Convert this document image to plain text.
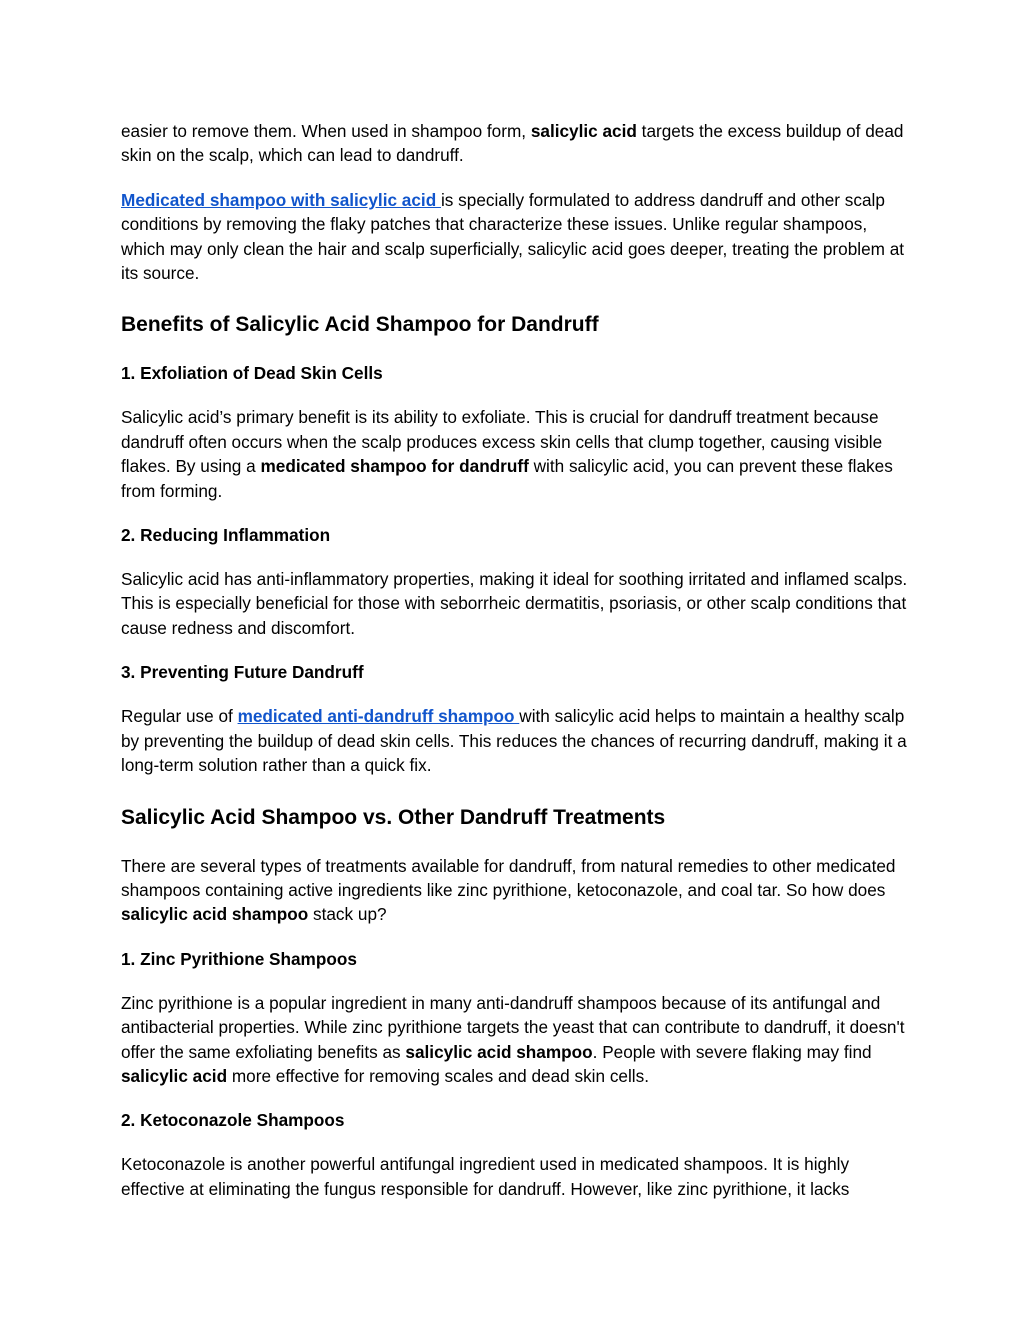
easier to remove them. When used in shampoo form, salicylic acid targets the excess buildup of dead skin on the scalp, which can lead to dandruff.

Medicated shampoo with salicylic acid is specially formulated to address dandruff and other scalp conditions by removing the flaky patches that characterize these issues. Unlike regular shampoos, which may only clean the hair and scalp superficially, salicylic acid goes deeper, treating the problem at its source.

Benefits of Salicylic Acid Shampoo for Dandruff
1. Exfoliation of Dead Skin Cells

Salicylic acid’s primary benefit is its ability to exfoliate. This is crucial for dandruff treatment because dandruff often occurs when the scalp produces excess skin cells that clump together, causing visible flakes. By using a medicated shampoo for dandruff with salicylic acid, you can prevent these flakes from forming.

2. Reducing Inflammation

Salicylic acid has anti-inflammatory properties, making it ideal for soothing irritated and inflamed scalps. This is especially beneficial for those with seborrheic dermatitis, psoriasis, or other scalp conditions that cause redness and discomfort.

3. Preventing Future Dandruff

Regular use of medicated anti-dandruff shampoo with salicylic acid helps to maintain a healthy scalp by preventing the buildup of dead skin cells. This reduces the chances of recurring dandruff, making it a long-term solution rather than a quick fix.

Salicylic Acid Shampoo vs. Other Dandruff Treatments

There are several types of treatments available for dandruff, from natural remedies to other medicated shampoos containing active ingredients like zinc pyrithione, ketoconazole, and coal tar. So how does salicylic acid shampoo stack up?

1. Zinc Pyrithione Shampoos

Zinc pyrithione is a popular ingredient in many anti-dandruff shampoos because of its antifungal and antibacterial properties. While zinc pyrithione targets the yeast that can contribute to dandruff, it doesn't offer the same exfoliating benefits as salicylic acid shampoo. People with severe flaking may find salicylic acid more effective for removing scales and dead skin cells.

2. Ketoconazole Shampoos

Ketoconazole is another powerful antifungal ingredient used in medicated shampoos. It is highly effective at eliminating the fungus responsible for dandruff. However, like zinc pyrithione, it lacks
